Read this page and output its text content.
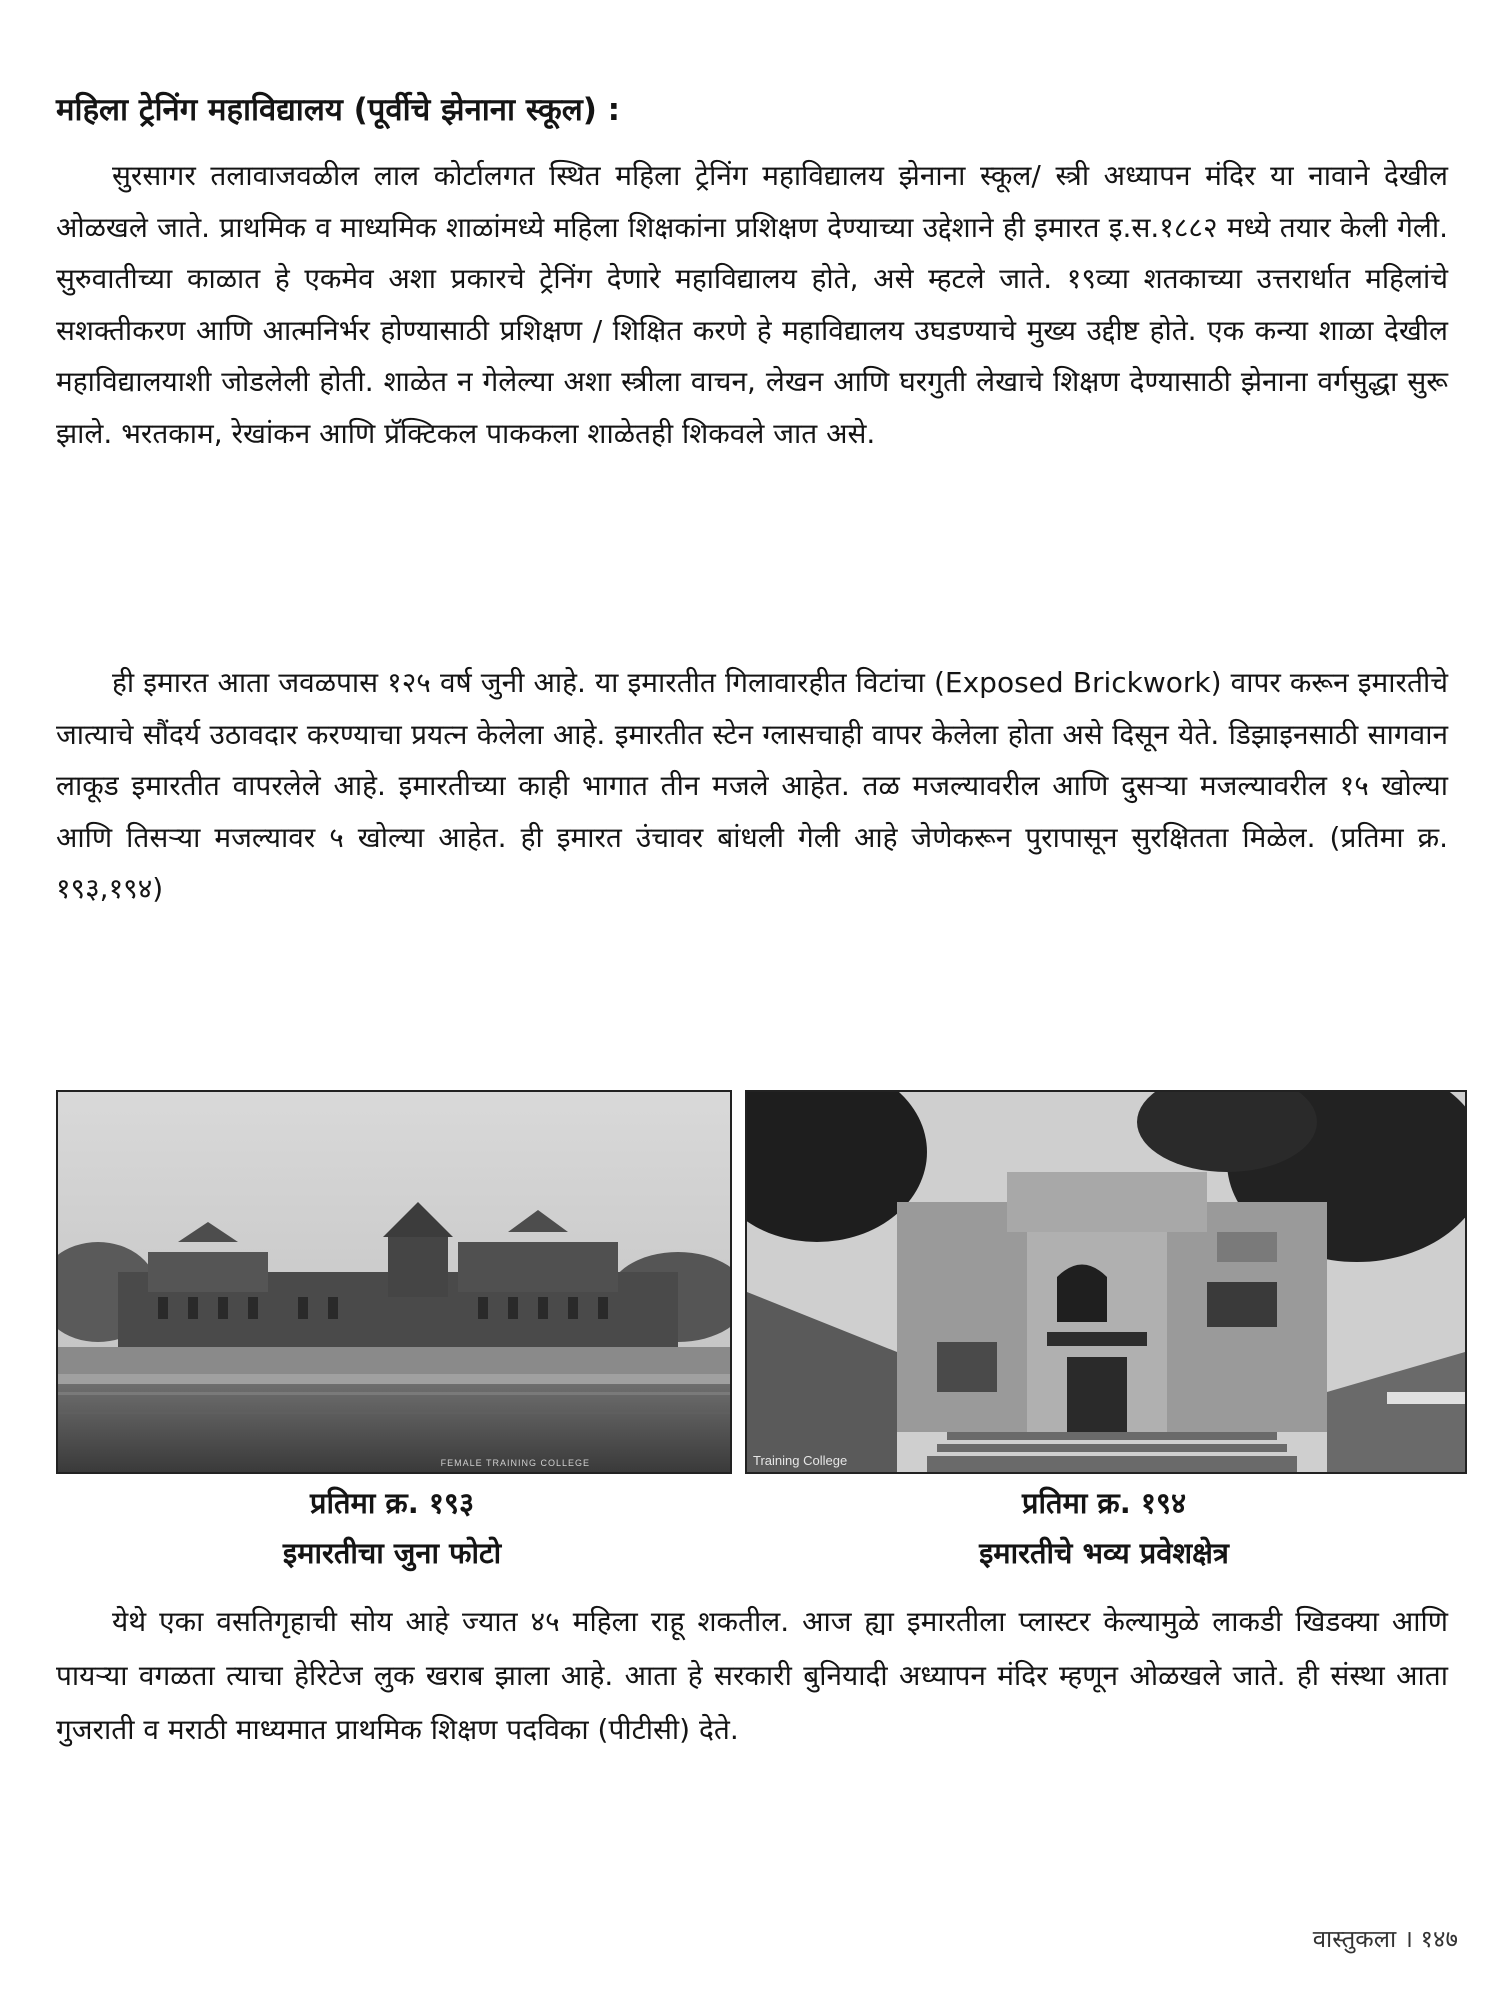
महिला ट्रेनिंग महाविद्यालय (पूर्वीचे झेनाना स्कूल) :

सुरसागर तलावाजवळील लाल कोर्टालगत स्थित महिला ट्रेनिंग महाविद्यालय झेनाना स्कूल/ स्त्री अध्यापन मंदिर या नावाने देखील ओळखले जाते. प्राथमिक व माध्यमिक शाळांमध्ये महिला शिक्षकांना प्रशिक्षण देण्याच्या उद्देशाने ही इमारत इ.स.१८८२ मध्ये तयार केली गेली. सुरुवातीच्या काळात हे एकमेव अशा प्रकारचे ट्रेनिंग देणारे महाविद्यालय होते, असे म्हटले जाते. १९व्या शतकाच्या उत्तरार्धात महिलांचे सशक्तीकरण आणि आत्मनिर्भर होण्यासाठी प्रशिक्षण / शिक्षित करणे हे महाविद्यालय उघडण्याचे मुख्य उद्दीष्ट होते. एक कन्या शाळा देखील महाविद्यालयाशी जोडलेली होती. शाळेत न गेलेल्या अशा स्त्रीला वाचन, लेखन आणि घरगुती लेखाचे शिक्षण देण्यासाठी झेनाना वर्गसुद्धा सुरू झाले. भरतकाम, रेखांकन आणि प्रॅक्टिकल पाककला शाळेतही शिकवले जात असे.

ही इमारत आता जवळपास १२५ वर्ष जुनी आहे. या इमारतीत गिलावारहीत विटांचा (Exposed Brickwork) वापर करून इमारतीचे जात्याचे सौंदर्य उठावदार करण्याचा प्रयत्न केलेला आहे. इमारतीत स्टेन ग्लासचाही वापर केलेला होता असे दिसून येते. डिझाइनसाठी सागवान लाकूड इमारतीत वापरलेले आहे. इमारतीच्या काही भागात तीन मजले आहेत. तळ मजल्यावरील आणि दुसऱ्या मजल्यावरील १५ खोल्या आणि तिसऱ्या मजल्यावर ५ खोल्या आहेत. ही इमारत उंचावर बांधली गेली आहे जेणेकरून पुरापासून सुरक्षितता मिळेल. (प्रतिमा क्र. १९३,१९४)

FEMALE TRAINING COLLEGE	Training College
प्रतिमा क्र. १९३
इमारतीचा जुना फोटो
प्रतिमा क्र. १९४
इमारतीचे भव्य प्रवेशक्षेत्र

येथे एका वसतिगृहाची सोय आहे ज्यात ४५ महिला राहू शकतील. आज ह्या इमारतीला प्लास्टर केल्यामुळे लाकडी खिडक्या आणि पायऱ्या वगळता त्याचा हेरिटेज लुक खराब झाला आहे. आता हे सरकारी बुनियादी अध्यापन मंदिर म्हणून ओळखले जाते. ही संस्था आता गुजराती व मराठी माध्यमात प्राथमिक शिक्षण पदविका (पीटीसी) देते.

वास्तुकला । १४७
